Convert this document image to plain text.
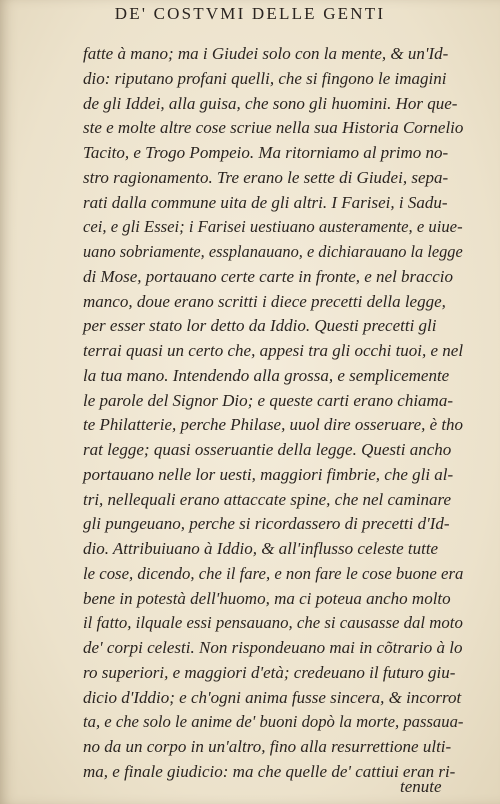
DE' COSTVMI DELLE GENTI
fatte à mano; ma i Giudei solo con la mente, & un'Id-
dio: riputano profani quelli, che si fingono le imagini
de gli Iddei, alla guisa, che sono gli huomini. Hor que-
ste e molte altre cose scriue nella sua Historia Cornelio
Tacito, e Trogo Pompeio. Ma ritorniamo al primo no-
stro ragionamento. Tre erano le sette di Giudei, sepa-
rati dalla commune uita de gli altri. I Farisei, i Sadu-
cei, e gli Essei; i Farisei uestiuano austeramente, e uiue-
uano sobriamente, essplanauano, e dichiarauano la legge
di Mose, portauano certe carte in fronte, e nel braccio
manco, doue erano scritti i diece precetti della legge,
per esser stato lor detto da Iddio. Questi precetti gli
terrai quasi un certo che, appesi tra gli occhi tuoi, e nel
la tua mano. Intendendo alla grossa, e semplicemente
le parole del Signor Dio; e queste carti erano chiama-
te Philatterie, perche Philase, uuol dire osseruare, è tho
rat legge; quasi osseruantie della legge. Questi ancho
portauano nelle lor uesti, maggiori fimbrie, che gli al-
tri, nellequali erano attaccate spine, che nel caminare
gli pungeuano, perche si ricordassero di precetti d'Id-
dio. Attribuiuano à Iddio, & all'influsso celeste tutte
le cose, dicendo, che il fare, e non fare le cose buone era
bene in potestà dell'huomo, ma ci poteua ancho molto
il fatto, ilquale essi pensauano, che si causasse dal moto
de' corpi celesti. Non rispondeuano mai in cõtrario à lo
ro superiori, e maggiori d'età; credeuano il futuro giu-
dicio d'Iddio; e ch'ogni anima fusse sincera, & incorrot
ta, e che solo le anime de' buoni dopò la morte, passaua-
no da un corpo in un'altro, fino alla resurrettione ulti-
ma, e finale giudicio: ma che quelle de' cattiui eran ri-
tenute
